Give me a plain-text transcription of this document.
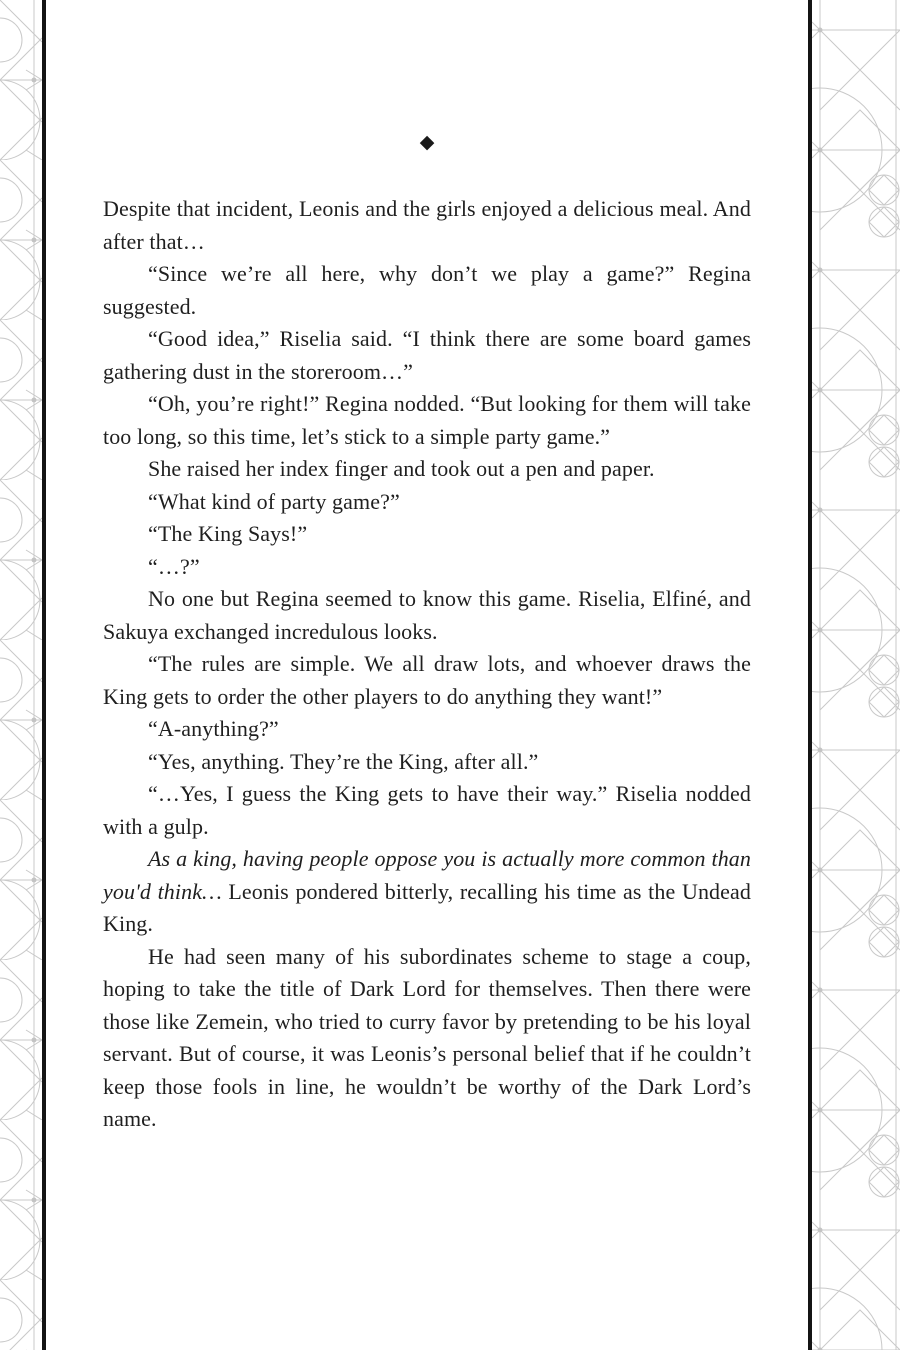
◆

Despite that incident, Leonis and the girls enjoyed a delicious meal. And after that…

“Since we’re all here, why don’t we play a game?” Regina suggested.

“Good idea,” Riselia said. “I think there are some board games gathering dust in the storeroom…”

“Oh, you’re right!” Regina nodded. “But looking for them will take too long, so this time, let’s stick to a simple party game.”

She raised her index finger and took out a pen and paper.

“What kind of party game?”

“The King Says!”

“…?”

No one but Regina seemed to know this game. Riselia, Elfiné, and Sakuya exchanged incredulous looks.

“The rules are simple. We all draw lots, and whoever draws the King gets to order the other players to do anything they want!”

“A-anything?”

“Yes, anything. They’re the King, after all.”

“…Yes, I guess the King gets to have their way.” Riselia nodded with a gulp.

As a king, having people oppose you is actually more common than you'd think… Leonis pondered bitterly, recalling his time as the Undead King.

He had seen many of his subordinates scheme to stage a coup, hoping to take the title of Dark Lord for themselves. Then there were those like Zemein, who tried to curry favor by pretending to be his loyal servant. But of course, it was Leonis’s personal belief that if he couldn’t keep those fools in line, he wouldn’t be worthy of the Dark Lord’s name.
